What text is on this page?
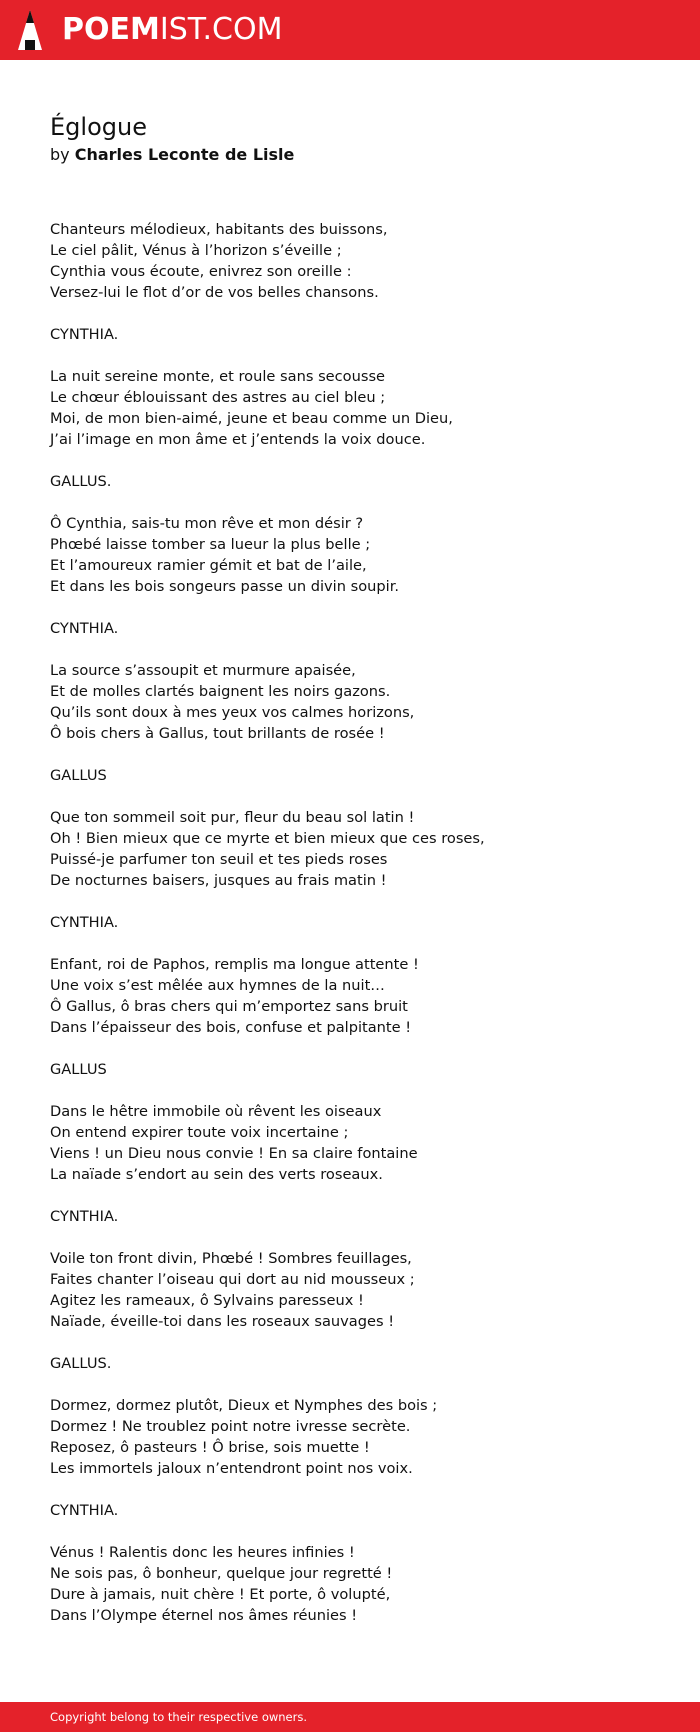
POEMIST.COM
Églogue

by Charles Leconte de Lisle

Chanteurs mélodieux, habitants des buissons,
Le ciel pâlit, Vénus à l’horizon s’éveille ;
Cynthia vous écoute, enivrez son oreille :
Versez-lui le flot d’or de vos belles chansons.
CYNTHIA.
La nuit sereine monte, et roule sans secousse
Le chœur éblouissant des astres au ciel bleu ;
Moi, de mon bien-aimé, jeune et beau comme un Dieu,
J’ai l’image en mon âme et j’entends la voix douce.
GALLUS.
Ô Cynthia, sais-tu mon rêve et mon désir ?
Phœbé laisse tomber sa lueur la plus belle ;
Et l’amoureux ramier gémit et bat de l’aile,
Et dans les bois songeurs passe un divin soupir.
CYNTHIA.
La source s’assoupit et murmure apaisée,
Et de molles clartés baignent les noirs gazons.
Qu’ils sont doux à mes yeux vos calmes horizons,
Ô bois chers à Gallus, tout brillants de rosée !
GALLUS
Que ton sommeil soit pur, fleur du beau sol latin !
Oh ! Bien mieux que ce myrte et bien mieux que ces roses,
Puissé-je parfumer ton seuil et tes pieds roses
De nocturnes baisers, jusques au frais matin !
CYNTHIA.
Enfant, roi de Paphos, remplis ma longue attente !
Une voix s’est mêlée aux hymnes de la nuit…
Ô Gallus, ô bras chers qui m’emportez sans bruit
Dans l’épaisseur des bois, confuse et palpitante !
GALLUS
Dans le hêtre immobile où rêvent les oiseaux
On entend expirer toute voix incertaine ;
Viens ! un Dieu nous convie ! En sa claire fontaine
La naïade s’endort au sein des verts roseaux.
CYNTHIA.
Voile ton front divin, Phœbé ! Sombres feuillages,
Faites chanter l’oiseau qui dort au nid mousseux ;
Agitez les rameaux, ô Sylvains paresseux !
Naïade, éveille-toi dans les roseaux sauvages !
GALLUS.
Dormez, dormez plutôt, Dieux et Nymphes des bois ;
Dormez ! Ne troublez point notre ivresse secrète.
Reposez, ô pasteurs ! Ô brise, sois muette !
Les immortels jaloux n’entendront point nos voix.
CYNTHIA.
Vénus ! Ralentis donc les heures infinies !
Ne sois pas, ô bonheur, quelque jour regretté !
Dure à jamais, nuit chère ! Et porte, ô volupté,
Dans l’Olympe éternel nos âmes réunies !
Copyright belong to their respective owners.
